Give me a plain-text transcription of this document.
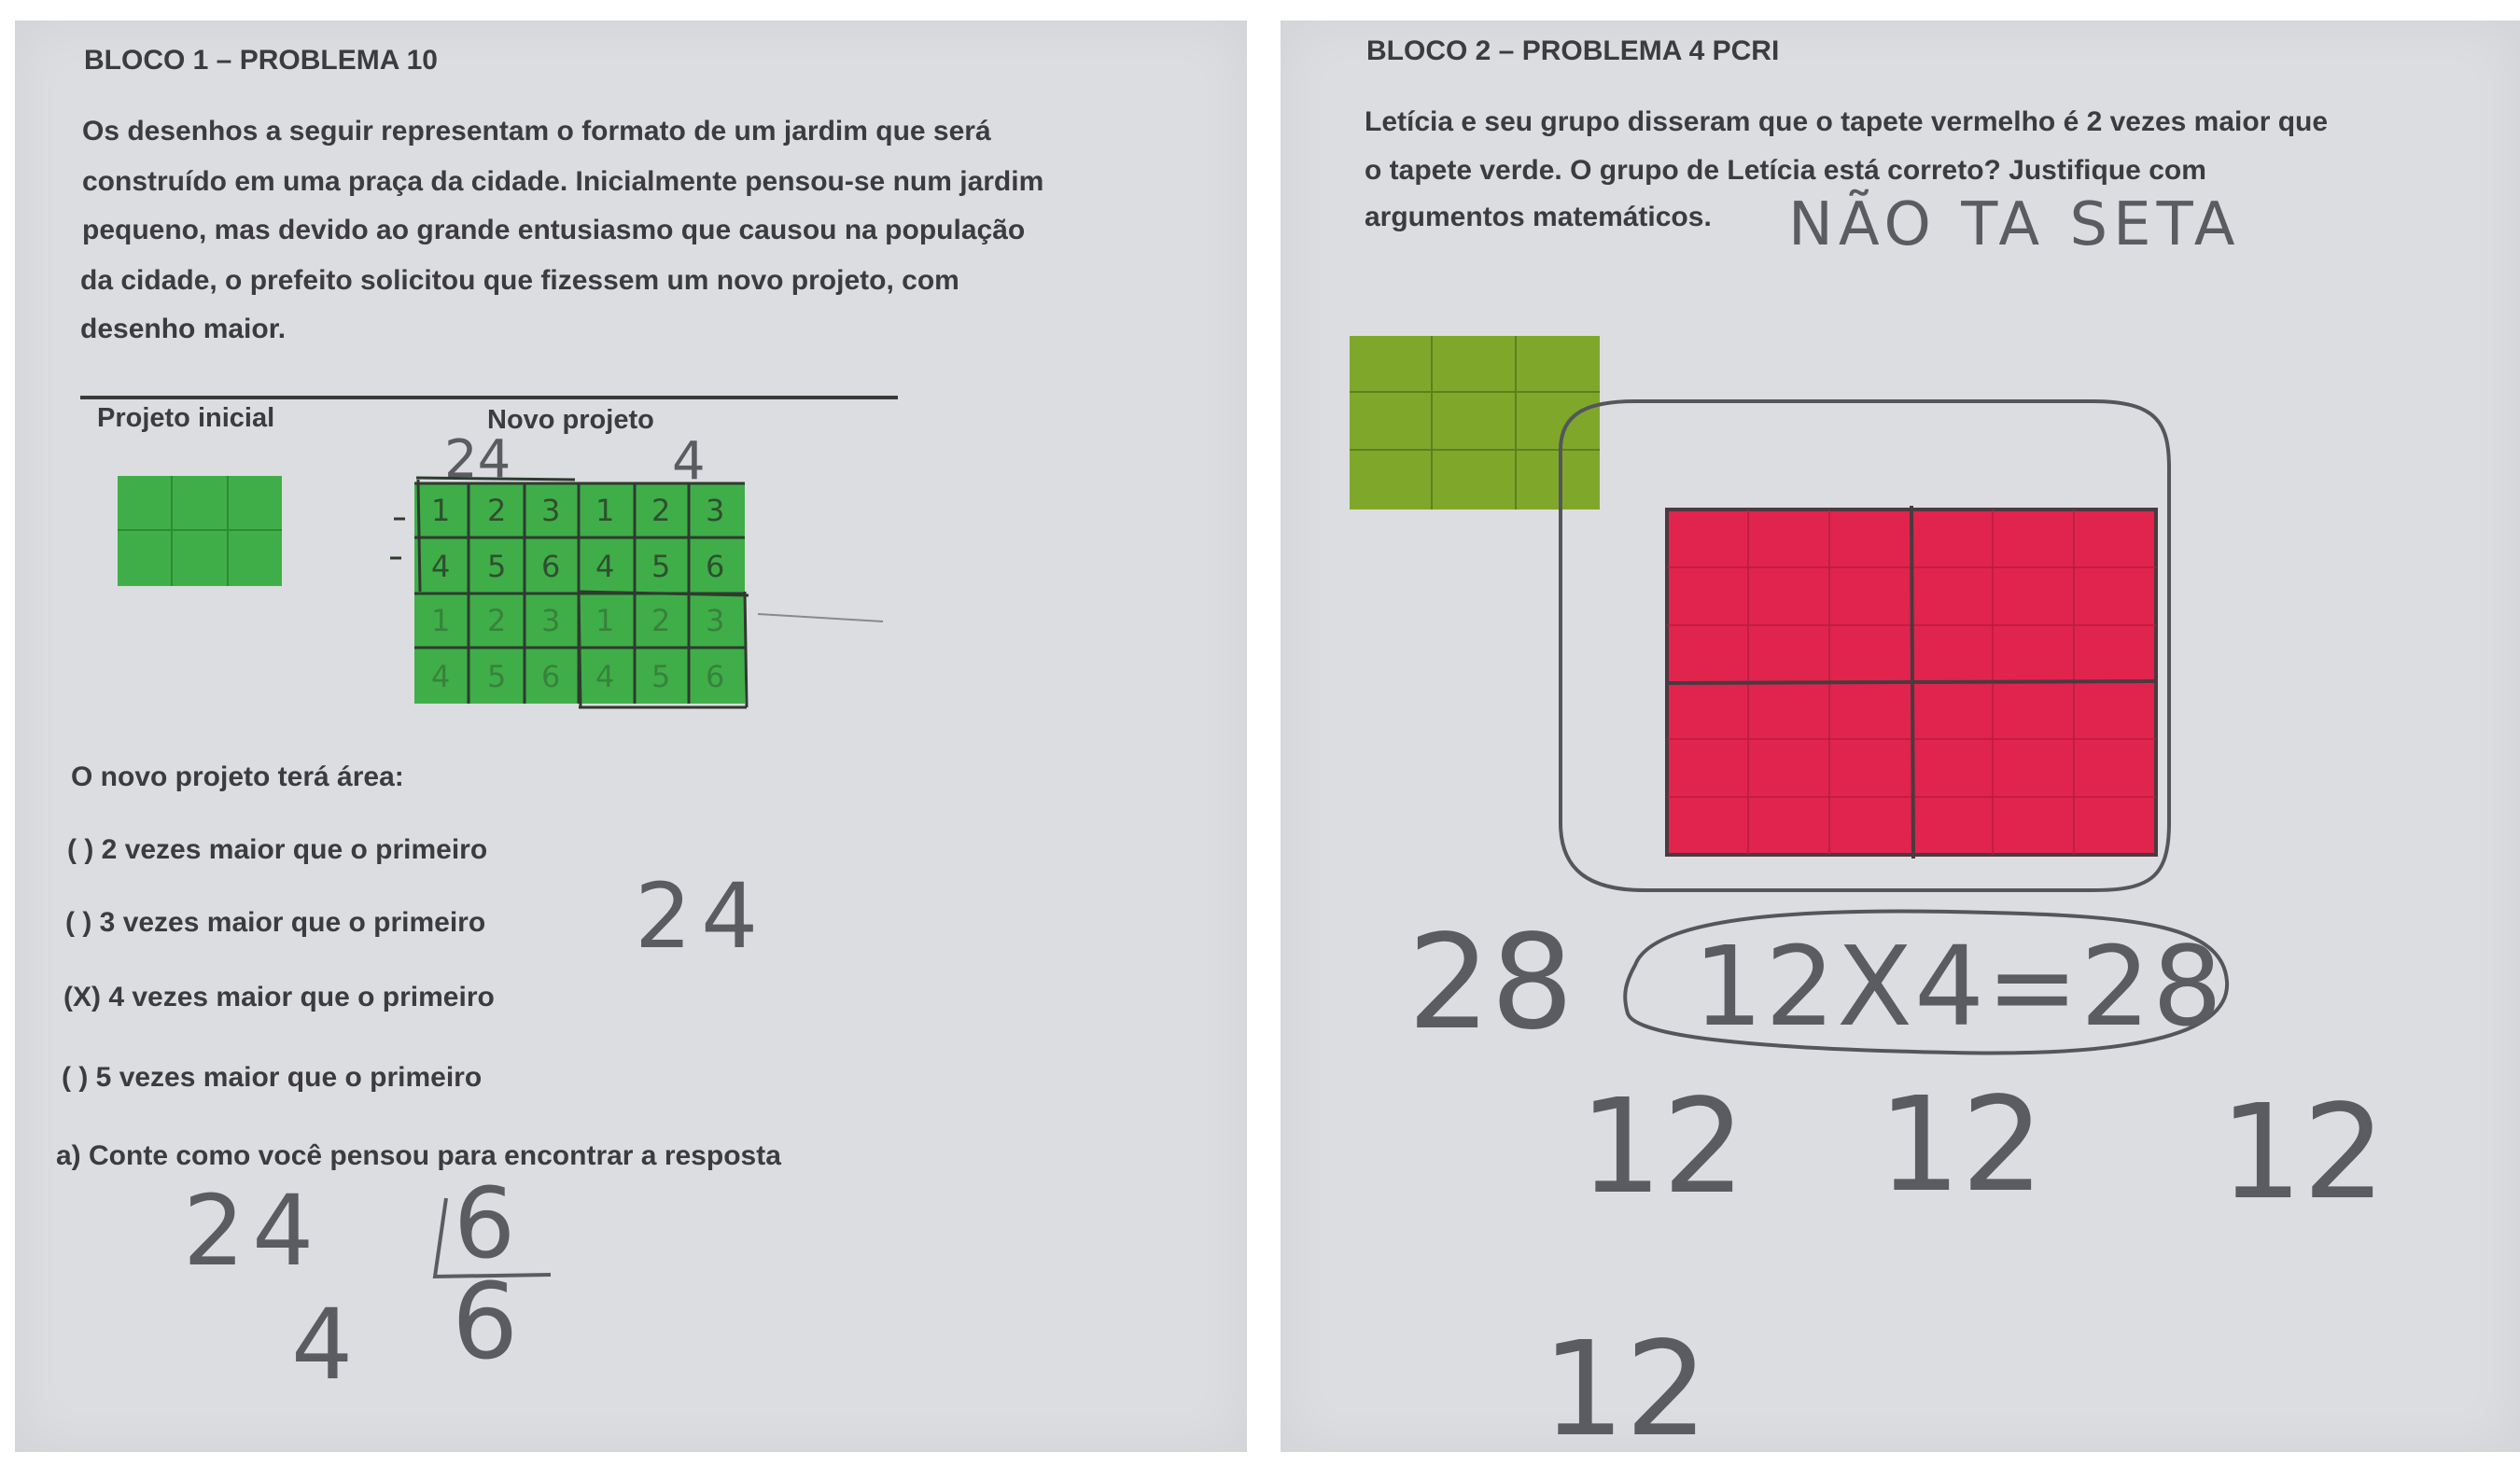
BLOCO 1 – PROBLEMA 10
Os desenhos a seguir representam o formato de um jardim que será
construído em uma praça da cidade. Inicialmente pensou-se num jardim
pequeno, mas devido ao grande entusiasmo que causou na população
da cidade, o prefeito solicitou que fizessem um novo projeto, com
desenho maior.
Projeto inicial	Novo projeto
1 2 3 1 2 3
4 5 6 4 5 6
1 2 3 1 2 3
4 5 6 4 5 6
24	4
O novo projeto terá área:
( ) 2 vezes maior que o primeiro
( ) 3 vezes maior que o primeiro
(X) 4 vezes maior que o primeiro
( ) 5 vezes maior que o primeiro
24
a) Conte como você pensou para encontrar a resposta
24 6
4 6
BLOCO 2 – PROBLEMA 4 PCRI
Letícia e seu grupo disseram que o tapete vermelho é 2 vezes maior que
o tapete verde. O grupo de Letícia está correto? Justifique com
argumentos matemáticos. NÃO TA SETA
28 12X4=28
12 12 12
12
